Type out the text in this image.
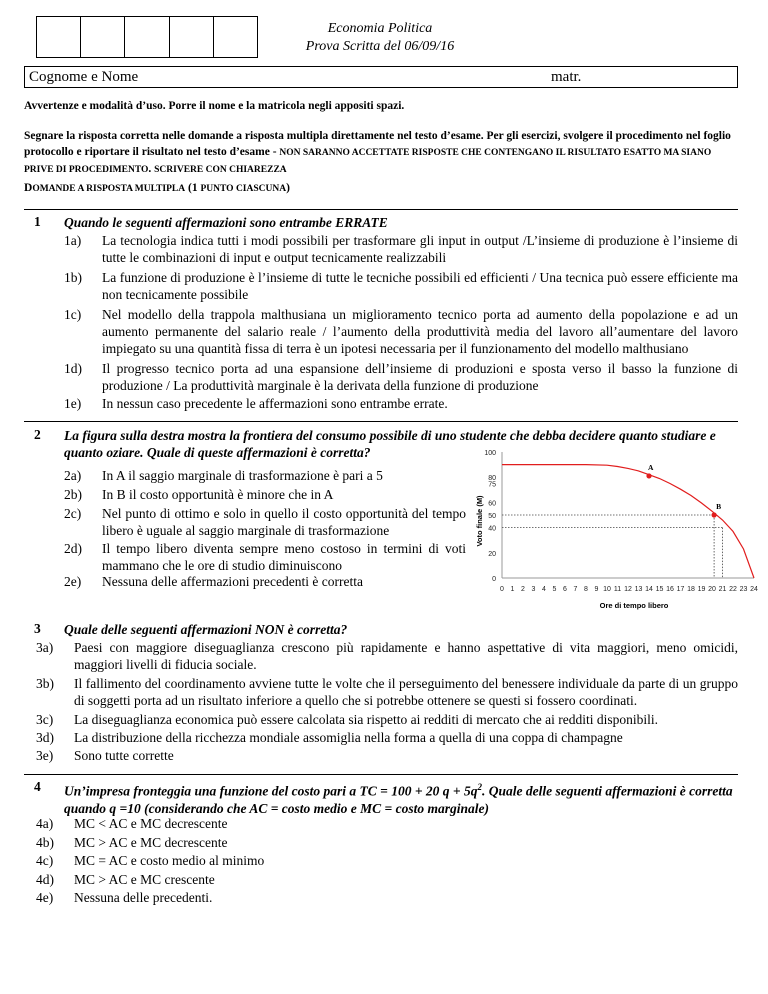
Economia Politica
Prova Scritta del 06/09/16
Cognome e Nome	matr.
Avvertenze e modalità d’uso. Porre il nome e la matricola negli appositi spazi.
Segnare la risposta corretta nelle domande a risposta multipla direttamente nel testo d’esame. Per gli esercizi, svolgere il procedimento nel foglio protocollo e riportare il risultato nel testo d’esame - NON SARANNO ACCETTATE RISPOSTE CHE CONTENGANO IL RISULTATO ESATTO MA SIANO PRIVE DI PROCEDIMENTO. SCRIVERE CON CHIAREZZA
DOMANDE A RISPOSTA MULTIPLA (1 PUNTO CIASCUNA)
1 Quando le seguenti affermazioni sono entrambe ERRATE
1a) La tecnologia indica tutti i modi possibili per trasformare gli input in output /L’insieme di produzione è l’insieme di tutte le combinazioni di input e output tecnicamente realizzabili
1b) La funzione di produzione è l’insieme di tutte le tecniche possibili ed efficienti / Una tecnica può essere efficiente ma non tecnicamente possibile
1c) Nel modello della trappola malthusiana un miglioramento tecnico porta ad aumento della popolazione e ad un aumento permanente del salario reale / l’aumento della produttività media del lavoro all’aumentare del lavoro impiegato su una quantità fissa di terra è un ipotesi necessaria per il funzionamento del modello malthusiano
1d) Il progresso tecnico porta ad una espansione dell’insieme di produzioni e sposta verso il basso la funzione di produzione / La produttività marginale è la derivata della funzione di produzione
1e) In nessun caso precedente le affermazioni sono entrambe errate.
2 La figura sulla destra mostra la frontiera del consumo possibile di uno studente che debba decidere quanto studiare e quanto oziare. Quale di queste affermazioni è corretta?
2a) In A il saggio marginale di trasformazione è pari a 5
2b) In B il costo opportunità è minore che in A
2c) Nel punto di ottimo e solo in quello il costo opportunità del tempo libero è uguale al saggio marginale di trasformazione
2d) Il tempo libero diventa sempre meno costoso in termini di voti mammano che le ore di studio diminuiscono
2e) Nessuna delle affermazioni precedenti è corretta	0
20
40
50
60
75
80
100
0 1 2 3 4 5 6 7 8 9 10 11 12 13 14 15 16 17 18 19 20 21 22 23 24
Ore di tempo libero
Voto finale (M)
A
B
3 Quale delle seguenti affermazioni NON è corretta?
3a) Paesi con maggiore diseguaglianza crescono più rapidamente e hanno aspettative di vita maggiori, meno omicidi, maggiori livelli di fiducia sociale.
3b) Il fallimento del coordinamento avviene tutte le volte che il perseguimento del benessere individuale da parte di un gruppo di soggetti porta ad un risultato inferiore a quello che si potrebbe ottenere se questi si fossero coordinati.
3c) La diseguaglianza economica può essere calcolata sia rispetto ai redditi di mercato che ai redditi disponibili.
3d) La distribuzione della ricchezza mondiale assomiglia nella forma a quella di una coppa di champagne
3e) Sono tutte corrette
4 Un’impresa fronteggia una funzione del costo pari a TC = 100 + 20 $q + 5q^2$. Quale delle seguenti affermazioni è corretta quando q =10 (considerando che AC = costo medio e MC = costo marginale)
4a) MC < AC e MC decrescente
4b) MC > AC e MC decrescente
4c) MC = AC e costo medio al minimo
4d) MC > AC e MC crescente
4e) Nessuna delle precedenti.
